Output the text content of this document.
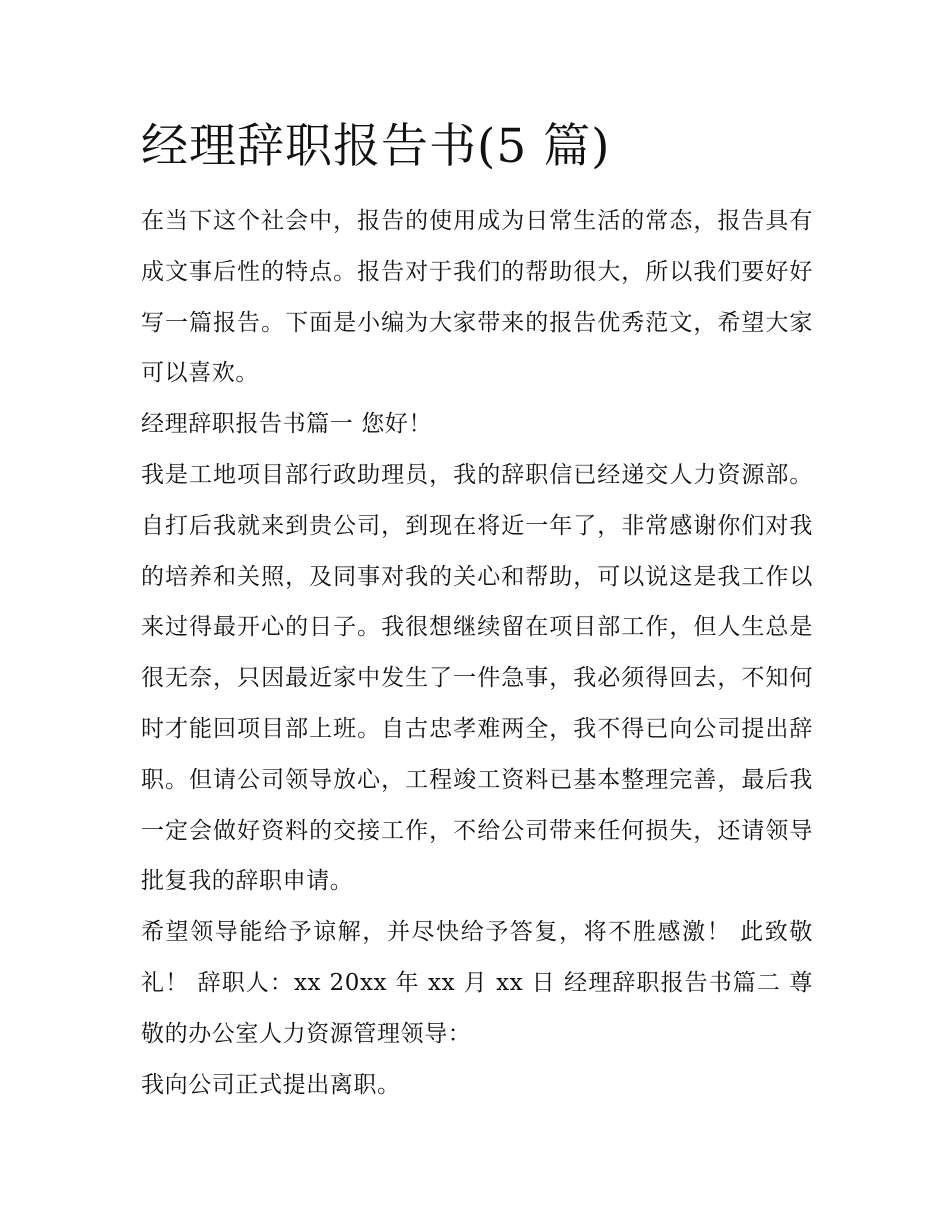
经理辞职报告书(5 篇)

在当下这个社会中，报告的使用成为日常生活的常态，报告具有成文事后性的特点。报告对于我们的帮助很大，所以我们要好好写一篇报告。下面是小编为大家带来的报告优秀范文，希望大家可以喜欢。

经理辞职报告书篇一 您好！

我是工地项目部行政助理员，我的辞职信已经递交人力资源部。自打后我就来到贵公司，到现在将近一年了，非常感谢你们对我的培养和关照，及同事对我的关心和帮助，可以说这是我工作以来过得最开心的日子。我很想继续留在项目部工作，但人生总是很无奈，只因最近家中发生了一件急事，我必须得回去，不知何时才能回项目部上班。自古忠孝难两全，我不得已向公司提出辞职。但请公司领导放心，工程竣工资料已基本整理完善，最后我一定会做好资料的交接工作，不给公司带来任何损失，还请领导批复我的辞职申请。

希望领导能给予谅解，并尽快给予答复，将不胜感激！ 此致敬礼！ 辞职人：xx 20xx 年 xx 月 xx 日 经理辞职报告书篇二 尊敬的办公室人力资源管理领导：

我向公司正式提出离职。
